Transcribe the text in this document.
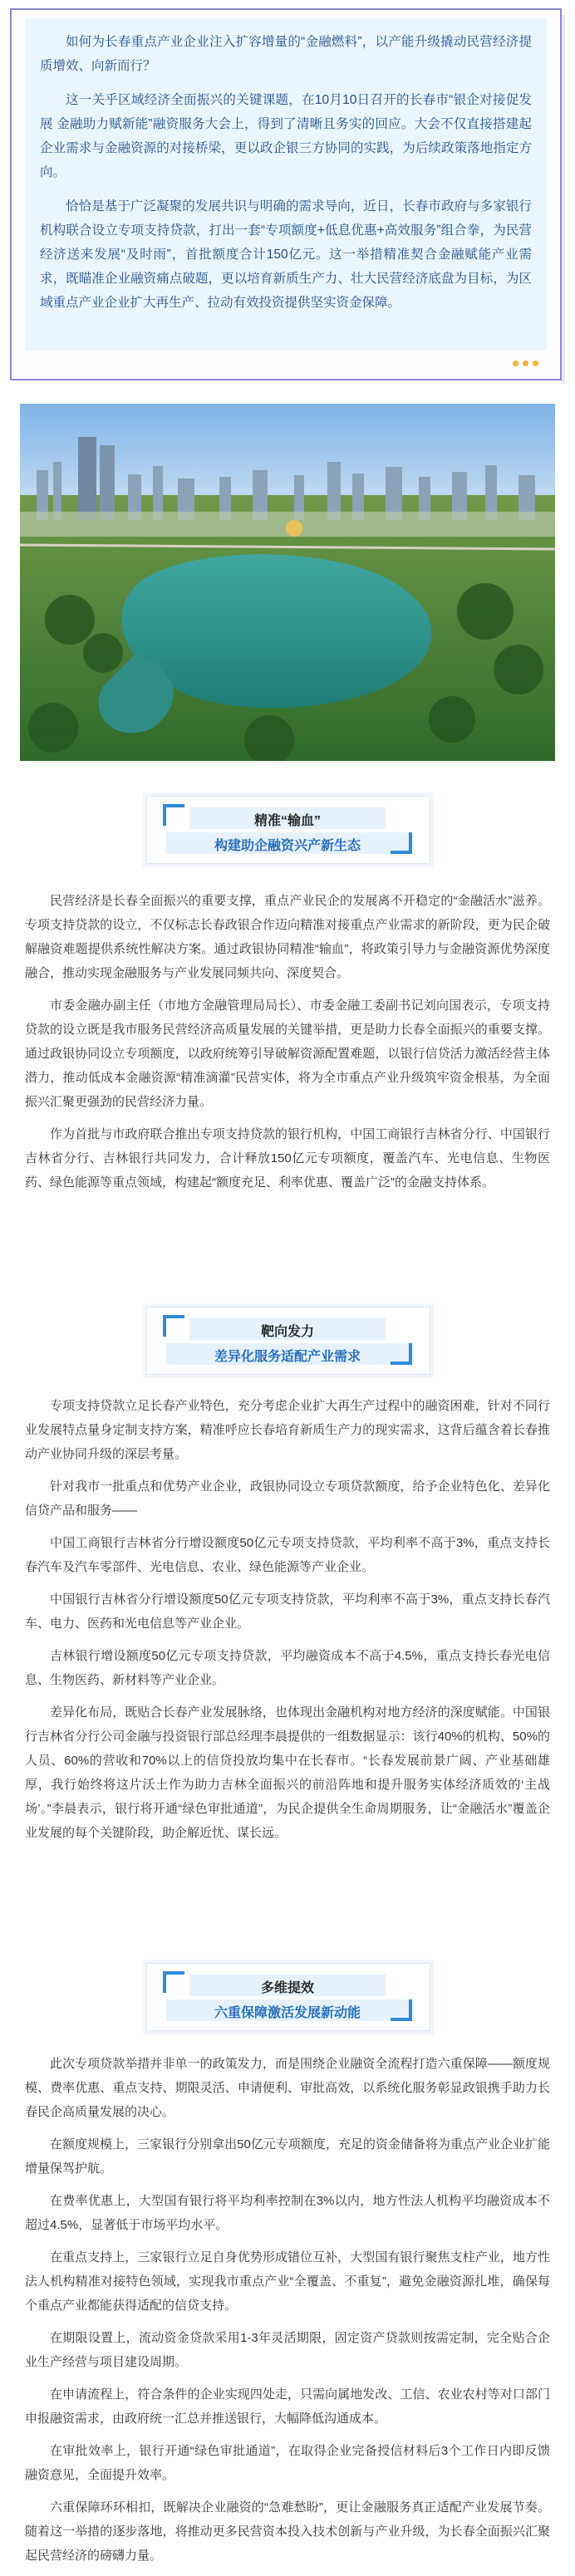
如何为长春重点产业企业注入扩容增量的“金融燃料”，以产能升级撬动民营经济提质增效、向新而行？

这一关乎区域经济全面振兴的关键课题，在10月10日召开的长春市“银企对接促发展 金融助力赋新能”融资服务大会上，得到了清晰且务实的回应。大会不仅直接搭建起企业需求与金融资源的对接桥梁，更以政企银三方协同的实践，为后续政策落地指定方向。

恰恰是基于广泛凝聚的发展共识与明确的需求导向，近日，长春市政府与多家银行机构联合设立专项支持贷款，打出一套“专项额度+低息优惠+高效服务”组合拳，为民营经济送来发展“及时雨”，首批额度合计150亿元。这一举措精准契合金融赋能产业需求，既瞄准企业融资痛点破题，更以培育新质生产力、壮大民营经济底盘为目标，为区域重点产业企业扩大再生产、拉动有效投资提供坚实资金保障。

精准“输血”
构建助企融资兴产新生态

民营经济是长春全面振兴的重要支撑，重点产业民企的发展离不开稳定的“金融活水”滋养。专项支持贷款的设立，不仅标志长春政银合作迈向精准对接重点产业需求的新阶段，更为民企破解融资难题提供系统性解决方案。通过政银协同精准“输血”，将政策引导力与金融资源优势深度融合，推动实现金融服务与产业发展同频共向、深度契合。

市委金融办副主任（市地方金融管理局局长）、市委金融工委副书记刘向国表示，专项支持贷款的设立既是我市服务民营经济高质量发展的关键举措，更是助力长春全面振兴的重要支撑。通过政银协同设立专项额度，以政府统筹引导破解资源配置难题，以银行信贷活力激活经营主体潜力，推动低成本金融资源“精准滴灌”民营实体，将为全市重点产业升级筑牢资金根基，为全面振兴汇聚更强劲的民营经济力量。

作为首批与市政府联合推出专项支持贷款的银行机构，中国工商银行吉林省分行、中国银行吉林省分行、吉林银行共同发力，合计释放150亿元专项额度，覆盖汽车、光电信息、生物医药、绿色能源等重点领域，构建起“额度充足、利率优惠、覆盖广泛”的金融支持体系。

靶向发力
差异化服务适配产业需求

专项支持贷款立足长春产业特色，充分考虑企业扩大再生产过程中的融资困难，针对不同行业发展特点量身定制支持方案，精准呼应长春培育新质生产力的现实需求，这背后蕴含着长春推动产业协同升级的深层考量。

针对我市一批重点和优势产业企业，政银协同设立专项贷款额度，给予企业特色化、差异化信贷产品和服务——

中国工商银行吉林省分行增设额度50亿元专项支持贷款，平均利率不高于3%，重点支持长春汽车及汽车零部件、光电信息、农业、绿色能源等产业企业。

中国银行吉林省分行增设额度50亿元专项支持贷款，平均利率不高于3%，重点支持长春汽车、电力、医药和光电信息等产业企业。

吉林银行增设额度50亿元专项支持贷款，平均融资成本不高于4.5%，重点支持长春光电信息、生物医药、新材料等产业企业。

差异化布局，既贴合长春产业发展脉络，也体现出金融机构对地方经济的深度赋能。中国银行吉林省分行公司金融与投资银行部总经理李晨提供的一组数据显示：该行40%的机构、50%的人员、60%的营收和70%以上的信贷投放均集中在长春市。“长春发展前景广阔、产业基础雄厚，我行始终将这片沃土作为助力吉林全面振兴的前沿阵地和提升服务实体经济质效的‘主战场’。”李晨表示，银行将开通“绿色审批通道”，为民企提供全生命周期服务，让“金融活水”覆盖企业发展的每个关键阶段，助企解近忧、谋长远。

多维提效
六重保障激活发展新动能

此次专项贷款举措并非单一的政策发力，而是围绕企业融资全流程打造六重保障——额度规模、费率优惠、重点支持、期限灵活、申请便利、审批高效，以系统化服务彰显政银携手助力长春民企高质量发展的决心。

在额度规模上，三家银行分别拿出50亿元专项额度，充足的资金储备将为重点产业企业扩能增量保驾护航。

在费率优惠上，大型国有银行将平均利率控制在3%以内，地方性法人机构平均融资成本不超过4.5%，显著低于市场平均水平。

在重点支持上，三家银行立足自身优势形成错位互补，大型国有银行聚焦支柱产业，地方性法人机构精准对接特色领域，实现我市重点产业“全覆盖、不重复”，避免金融资源扎堆，确保每个重点产业都能获得适配的信贷支持。

在期限设置上，流动资金贷款采用1-3年灵活期限，固定资产贷款则按需定制，完全贴合企业生产经营与项目建设周期。

在申请流程上，符合条件的企业实现四处走，只需向属地发改、工信、农业农村等对口部门申报融资需求，由政府统一汇总并推送银行，大幅降低沟通成本。

在审批效率上，银行开通“绿色审批通道”，在取得企业完备授信材料后3个工作日内即反馈融资意见，全面提升效率。

六重保障环环相扣，既解决企业融资的“急难愁盼”，更让金融服务真正适配产业发展节奏。随着这一举措的逐步落地，将推动更多民营资本投入技术创新与产业升级，为长春全面振兴汇聚起民营经济的磅礴力量。
